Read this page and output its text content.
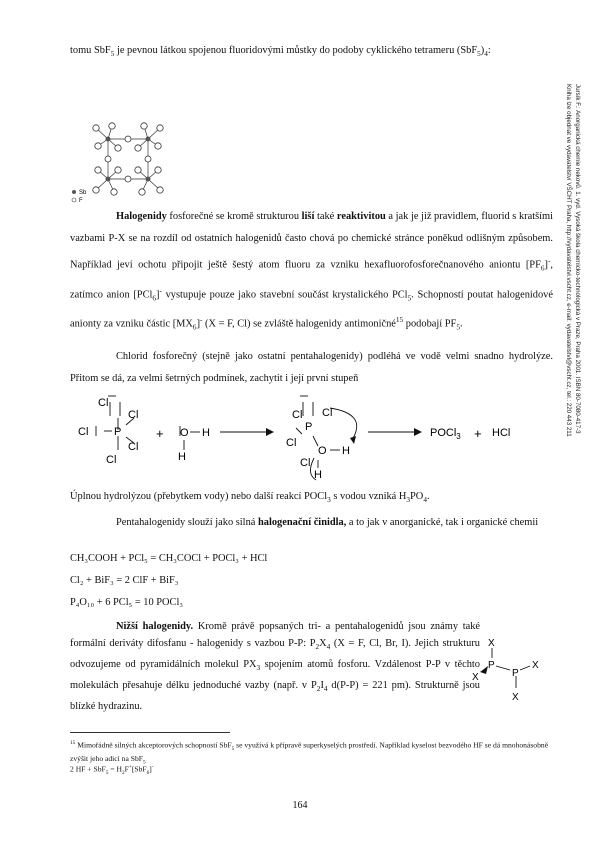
Jursík F.: Anorganická chemie nekovů. 1. vyd. Vysoká škola chemicko-technologická v Praze, Praha 2001. ISBN 80-7080-417-3
Kniha lze objednat ve vydavatelství VŠCHT Praha, http://vydavatelstvi.vscht.cz, e-mail: vydavatelstvi@vscht.cz, tel.: 220 443 211

tomu SbF$_5$ je pevnou látkou spojenou fluoridovými můstky do podoby cyklického tetrameru $(SbF_5)_4$:

Sb
F

Halogenidy fosforečné se kromě strukturou liší také reaktivitou a jak je již pravidlem, fluorid s kratšími vazbami P-X se na rozdíl od ostatních halogenidů často chová po chemické stránce poněkud odlišným způsobem. Například jeví ochotu připojit ještě šestý atom fluoru za vzniku hexafluorofosforečnanového aniontu $[PF_6]^-$, zatímco anion [PCl$_6$]- vystupuje pouze jako stavební součást krystalického PCl$_5$. Schopností poutat halogenidové anionty za vzniku částic $[MX_6]^-$ (X = F, Cl) se zvláště halogenidy antimoničné$^{15}$ podobají $PF_5$.

Chlorid fosforečný (stejně jako ostatní pentahalogenidy) podléhá ve vodě velmi snadno hydrolýze. Přitom se dá, za velmi šetrných podmínek, zachytit i její první stupeň

Cl
Cl
Cl P
Cl
Cl
+ O H
H
Cl Cl
P
Cl
O H
Cl
H
POCl$_3$ + HCl

Úplnou hydrolýzou (přebytkem vody) nebo další reakcí POCl$_3$ s vodou vzniká $H_3PO_4$.

Pentahalogenidy slouží jako silná halogenační činidla, a to jak v anorganické, tak i organické chemii

CH₃COOH + PCl₅ = CH₃COCl + POCl₃ + HCl

Cl₂ + BiF₃ = 2 ClF + BiF₃

P₄O₁₀ + 6 PCl₅ = 10 POCl₃

Nižší halogenidy. Kromě právě popsaných tri- a pentahalogenidů jsou známy také formální deriváty difosfanu - halogenidy s vazbou P-P: $P_2X_4$ (X = F, Cl, Br, I). Jejich strukturu odvozujeme od pyramidálních molekul $PX_3$ spojením atomů fosforu. Vzdálenost P-P v těchto molekulách přesahuje délku jednoduché vazby (např. v $P_2I_4$ d(P-P) = 221 pm). Strukturně jsou blízké hydrazinu.

X
P
P
X
X
X

$^{15}$ Mimořádně silných akceptorových schopností SbF$_5$ se využívá k přípravě superkyselých prostředí. Například kyselost bezvodého HF se dá mnohonásobně zvýšit jeho adicí na SbF$_5$

2 HF + $SbF_5 = H_2F^+[SbF_6]^-$

164
